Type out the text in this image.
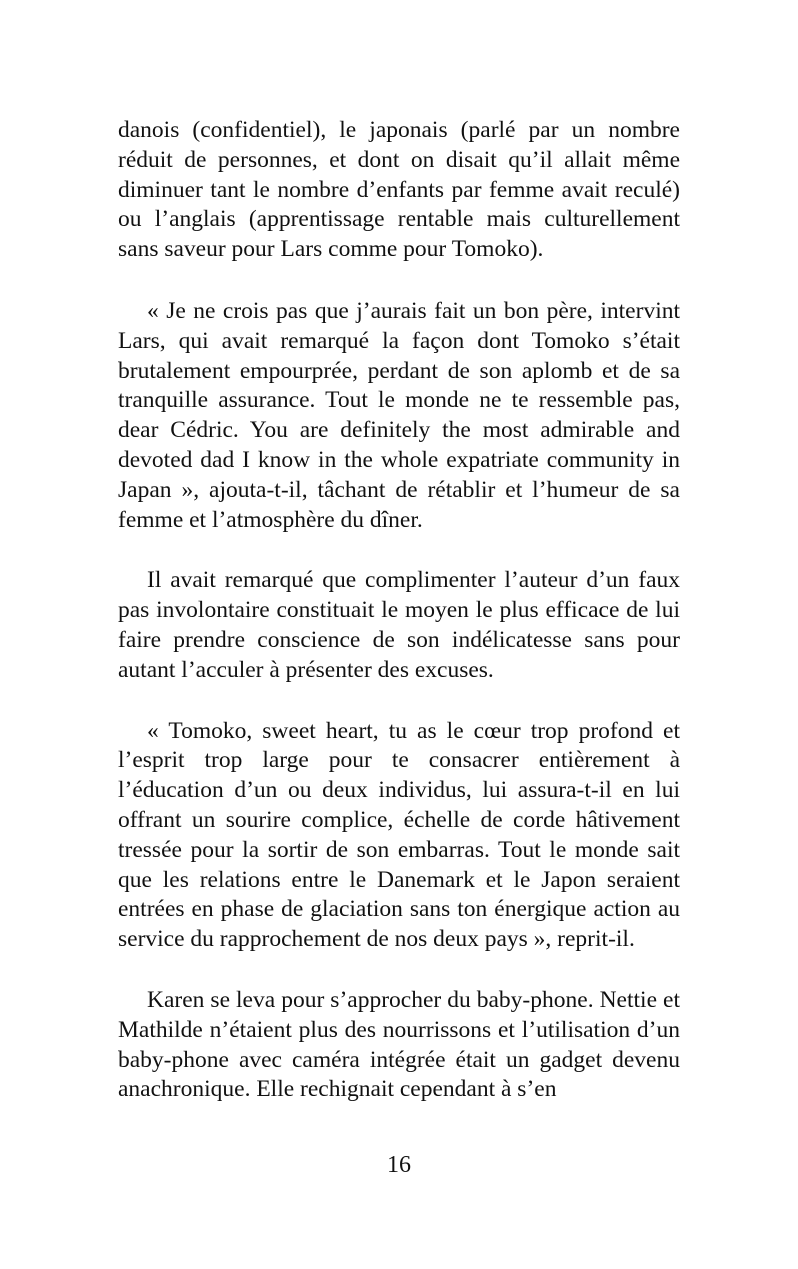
danois (confidentiel), le japonais (parlé par un nombre réduit de personnes, et dont on disait qu’il allait même diminuer tant le nombre d’enfants par femme avait reculé) ou l’anglais (apprentissage rentable mais culturellement sans saveur pour Lars comme pour Tomoko).

« Je ne crois pas que j’aurais fait un bon père, intervint Lars, qui avait remarqué la façon dont Tomoko s’était brutalement empourprée, perdant de son aplomb et de sa tranquille assurance. Tout le monde ne te ressemble pas, dear Cédric. You are definitely the most admirable and devoted dad I know in the whole expatriate community in Japan », ajouta-t-il, tâchant de rétablir et l’humeur de sa femme et l’atmosphère du dîner.

Il avait remarqué que complimenter l’auteur d’un faux pas involontaire constituait le moyen le plus efficace de lui faire prendre conscience de son indélicatesse sans pour autant l’acculer à présenter des excuses.

« Tomoko, sweet heart, tu as le cœur trop profond et l’esprit trop large pour te consacrer entièrement à l’éducation d’un ou deux individus, lui assura-t-il en lui offrant un sourire complice, échelle de corde hâtivement tressée pour la sortir de son embarras. Tout le monde sait que les relations entre le Danemark et le Japon seraient entrées en phase de glaciation sans ton énergique action au service du rapprochement de nos deux pays », reprit-il.

Karen se leva pour s’approcher du baby-phone. Nettie et Mathilde n’étaient plus des nourrissons et l’utilisation d’un baby-phone avec caméra intégrée était un gadget devenu anachronique. Elle rechignait cependant à s’en

16
